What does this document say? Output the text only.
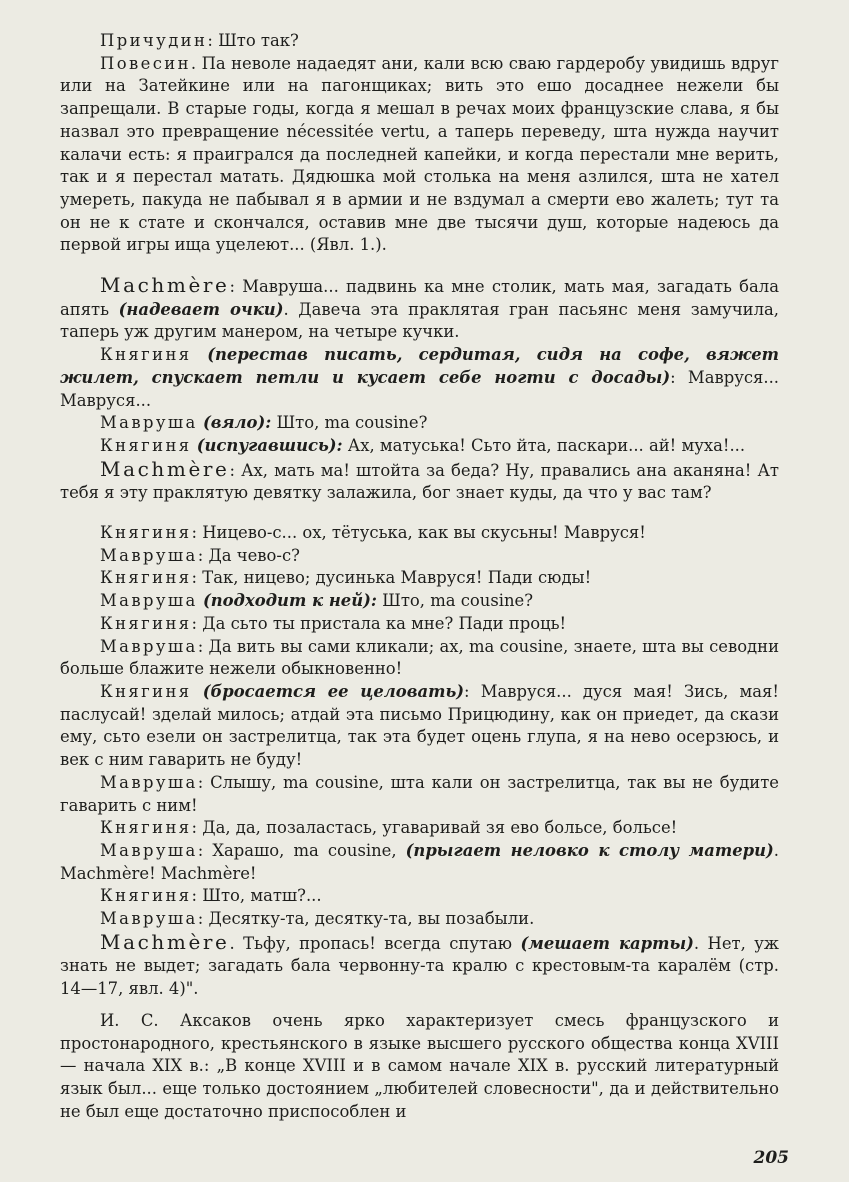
Причудин: Што так?

Повесин. Па неволе надаедят ани, кали всю сваю гардеробу увидишь вдруг или на Затейкине или на пагонщиках; вить это ешо досаднее нежели бы запрещали. В старые годы, когда я мешал в речах моих французские слава, я бы назвал это превращение nécessitée vertu, а таперь переведу, шта нужда научит калачи есть: я праигрался да последней капейки, и когда перестали мне верить, так и я перестал матать. Дядюшка мой столька на меня азлился, шта не хател умереть, пакуда не пабывал я в армии и не вздумал а смерти ево жалеть; тут та он не к стате и скончался, оставив мне две тысячи душ, которые надеюсь да первой игры ища уцелеют... (Явл. 1.).

Machmère: Мавруша... падвинь ка мне столик, мать мая, загадать бала апять (надевает очки). Давеча эта праклятая гран пасьянс меня замучила, таперь уж другим манером, на четыре кучки.

Княгиня (перестав писать, сердитая, сидя на софе, вяжет жилет, спускает петли и кусает себе ногти с досады): Мавруся... Мавруся...

Мавруша (вяло): Што, ma cousine?

Княгиня (испугавшись): Ах, матуська! Сьто йта, паскари... ай! муха!...

Machmère: Ах, мать ма! штойта за беда? Ну, правались ана аканяна! Ат тебя я эту праклятую девятку залажила, бог знает куды, да что у вас там?

Княгиня: Ницево-с... ох, тётуська, как вы скусьны! Мавруся!

Мавруша: Да чево-с?

Княгиня: Так, ницево; дусинька Мавруся! Пади сюды!

Мавруша (подходит к ней): Што, ma cousine?

Княгиня: Да сьто ты пристала ка мне? Пади проць!

Мавруша: Да вить вы сами кликали; ах, ma cousine, знаете, шта вы севодни больше блажите нежели обыкновенно!

Княгиня (бросается ее целовать): Мавруся... дуся мая! Зись, мая! паслусай! зделай милось; атдай эта письмо Прицюдину, как он приедет, да скази ему, сьто езели он застрелитца, так эта будет оцень глупа, я на нево осерзюсь, и век с ним гаварить не буду!

Мавруша: Слышу, ma cousine, шта кали он застрелитца, так вы не будите гаварить с ним!

Княгиня: Да, да, позаластась, угаваривай зя ево больсе, больсе!

Мавруша: Харашо, ma cousine, (прыгает неловко к столу матери). Machmère! Machmère!

Княгиня: Што, матш?...

Мавруша: Десятку-та, десятку-та, вы позабыли.

Machmère. Тьфу, пропась! всегда спутаю (мешает карты). Нет, уж знать не выдет; загадать бала червонну-та кралю с крестовым-та каралём (стр. 14—17, явл. 4)".

И. С. Аксаков очень ярко характеризует смесь французского и простонародного, крестьянского в языке высшего русского общества конца XVIII — начала XIX в.: „В конце XVIII и в самом начале XIX в. русский литературный язык был... еще только достоянием „любителей словесности", да и действительно не был еще достаточно приспособлен и

205
